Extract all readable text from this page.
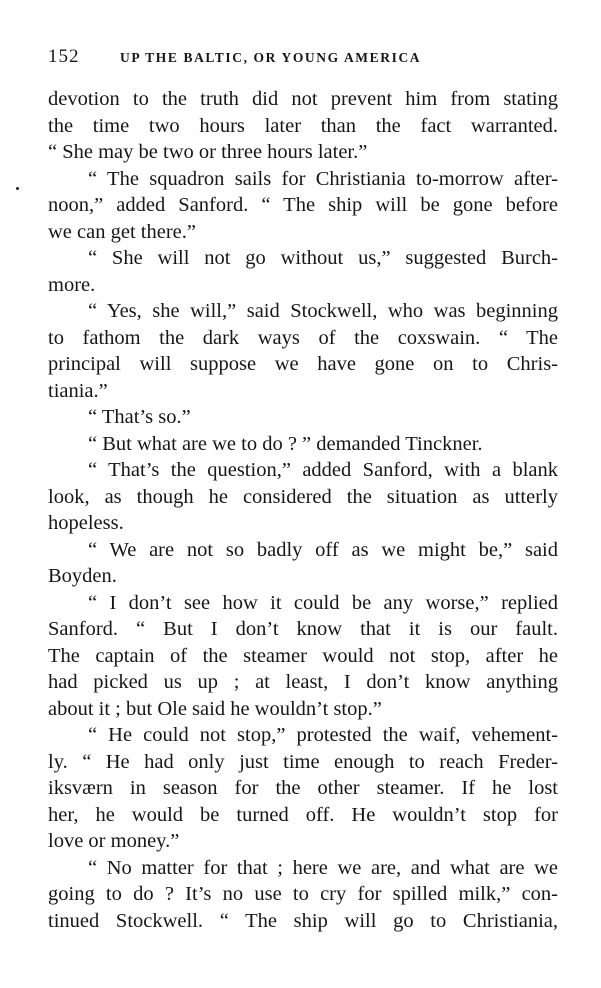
152	UP THE BALTIC, OR YOUNG AMERICA
devotion to the truth did not prevent him from stating
the time two hours later than the fact warranted.
“ She may be two or three hours later.”
“ The squadron sails for Christiania to-morrow after-
noon,” added Sanford. “ The ship will be gone before
we can get there.”
“ She will not go without us,” suggested Burch-
more.
“ Yes, she will,” said Stockwell, who was beginning
to fathom the dark ways of the coxswain. “ The
principal will suppose we have gone on to Chris-
tiania.”
“ That’s so.”
“ But what are we to do ? ” demanded Tinckner.
“ That’s the question,” added Sanford, with a blank
look, as though he considered the situation as utterly
hopeless.
“ We are not so badly off as we might be,” said
Boyden.
“ I don’t see how it could be any worse,” replied
Sanford. “ But I don’t know that it is our fault.
The captain of the steamer would not stop, after he
had picked us up ; at least, I don’t know anything
about it ; but Ole said he wouldn’t stop.”
“ He could not stop,” protested the waif, vehement-
ly. “ He had only just time enough to reach Freder-
iksværn in season for the other steamer. If he lost
her, he would be turned off. He wouldn’t stop for
love or money.”
“ No matter for that ; here we are, and what are we
going to do ? It’s no use to cry for spilled milk,” con-
tinued Stockwell. “ The ship will go to Christiania,
